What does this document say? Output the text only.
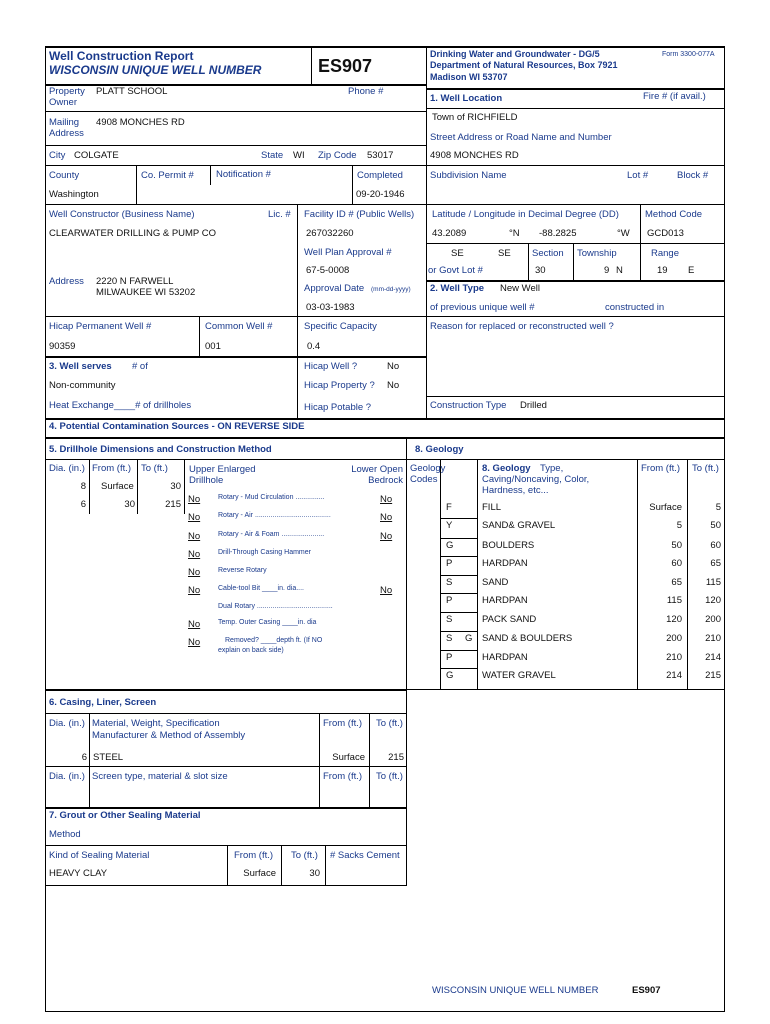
Well Construction Report
WISCONSIN UNIQUE WELL NUMBER	ES907
Drinking Water and Groundwater - DG/5
Department of Natural Resources, Box 7921
Madison WI 53707
Form 3300-077A
Property
Owner
PLATT SCHOOL	Phone #
Mailing
Address
4908 MONCHES RD
City COLGATE	State WI Zip Code 53017
County	Co. Permit # Notification #	Completed
Washington	09-20-1946
Well Constructor (Business Name)	Lic. #
CLEARWATER DRILLING & PUMP CO
Facility ID # (Public Wells)
267032260
Well Plan Approval #
67-5-0008
Address 2220 N FARWELL
MILWAUKEE WI 53202	Approval Date (mm-dd-yyyy)
03-03-1983
Hicap Permanent Well #	Common Well #	Specific Capacity
90359	001	0.4
3. Well serves # of
Non-community
Heat Exchange____# of drillholes
Hicap Well ?	No
Hicap Property ? No
Hicap Potable ?
1. Well Location	Fire # (if avail.)
Town of RICHFIELD
Street Address or Road Name and Number
4908 MONCHES RD
Subdivision Name	Lot #	Block #
Latitude / Longitude in Decimal Degree (DD)	Method Code
43.2089	°N -88.2825	°W GCD013
SE	SE Section Township	Range
or Govt Lot #	30	9 N	19 E
2. Well Type New Well
of previous unique well #	constructed in
Reason for replaced or reconstructed well ?
Construction Type Drilled
4. Potential Contamination Sources - ON REVERSE SIDE
5. Drillhole Dimensions and Construction Method
Dia. (in.) From (ft.) To (ft.) Upper Enlarged
Drillhole
Lower Open
Bedrock
8 Surface	30
6	30	215 No	Rotary - Mud Circulation ...............	No
No	Rotary - Air .......................................	No
No	Rotary - Air & Foam ......................	No
No	Drill-Through Casing Hammer
No	Reverse Rotary
No	Cable-tool Bit ____in. dia....	No
Dual Rotary .......................................
No	Temp. Outer Casing ____in. dia
No	Removed? ____depth ft. (If NO
explain on back side)
8. Geology
Geology
Codes
8. Geology Type,
Caving/Noncaving, Color,
Hardness, etc...
From (ft.) To (ft.)
F	FILL	Surface	5
Y	SAND& GRAVEL	5	50
G	BOULDERS	50	60
P	HARDPAN	60	65
S	SAND	65	115
P	HARDPAN	115	120
S	PACK SAND	120	200
S G SAND & BOULDERS	200	210
P	HARDPAN	210	214
G	WATER GRAVEL	214	215
6. Casing, Liner, Screen
Dia. (in.) Material, Weight, Specification
Manufacturer & Method of Assembly
From (ft.) To (ft.)
6 STEEL	Surface	215
Dia. (in.) Screen type, material & slot size	From (ft.) To (ft.)
7. Grout or Other Sealing Material
Method
Kind of Sealing Material	From (ft.) To (ft.) # Sacks Cement
HEAVY CLAY	Surface	30
WISCONSIN UNIQUE WELL NUMBER	ES907
